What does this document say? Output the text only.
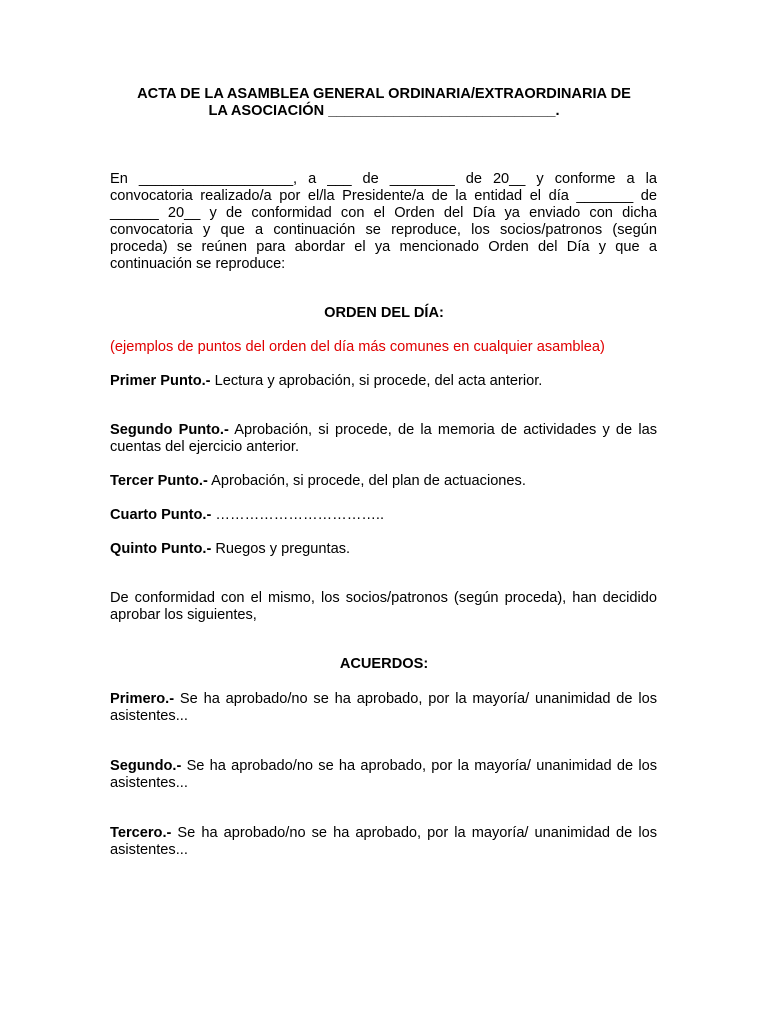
ACTA DE LA ASAMBLEA GENERAL ORDINARIA/EXTRAORDINARIA DE
LA ASOCIACIÓN ____________________________.
En ___________________, a ___ de ________ de 20__ y conforme a la convocatoria realizado/a por el/la Presidente/a de la entidad el día _______ de ______ 20__ y de conformidad con el Orden del Día ya enviado con dicha convocatoria y que a continuación se reproduce, los socios/patronos (según proceda) se reúnen para abordar el ya mencionado Orden del Día y que a continuación se reproduce:
ORDEN DEL DÍA:
(ejemplos de puntos del orden del día más comunes en cualquier asamblea)
Primer Punto.- Lectura y aprobación, si procede, del acta anterior.
Segundo Punto.- Aprobación, si procede, de la memoria de actividades y de las cuentas del ejercicio anterior.
Tercer Punto.- Aprobación, si procede, del plan de actuaciones.
Cuarto Punto.- ……………………………..
Quinto Punto.- Ruegos y preguntas.
De conformidad con el mismo, los socios/patronos (según proceda), han decidido aprobar los siguientes,
ACUERDOS:
Primero.- Se ha aprobado/no se ha aprobado, por la mayoría/ unanimidad de los asistentes...
Segundo.- Se ha aprobado/no se ha aprobado, por la mayoría/ unanimidad de los asistentes...
Tercero.- Se ha aprobado/no se ha aprobado, por la mayoría/ unanimidad de los asistentes...
